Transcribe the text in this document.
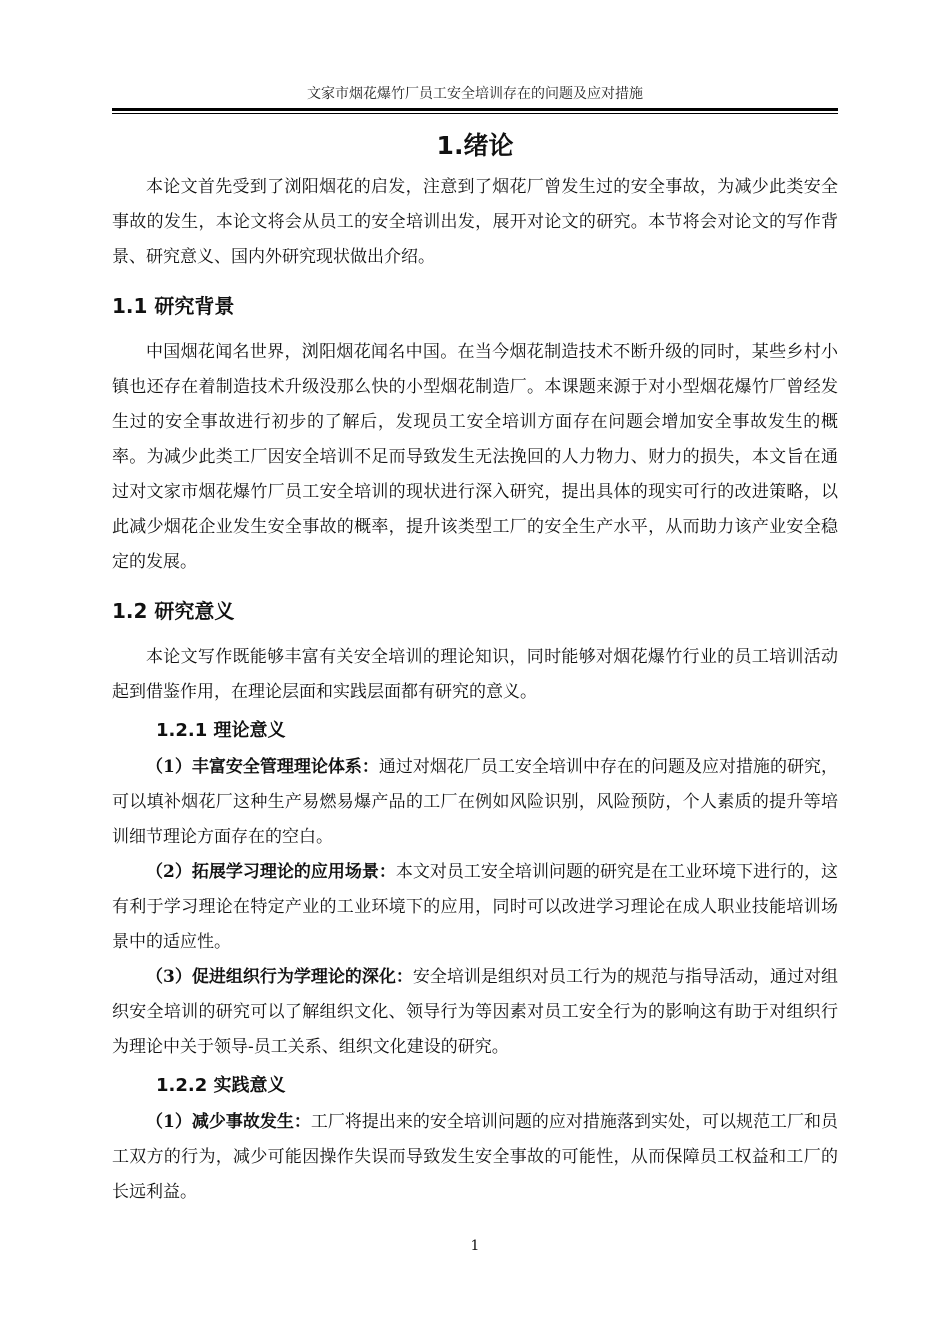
文家市烟花爆竹厂员工安全培训存在的问题及应对措施
1.绪论

本论文首先受到了浏阳烟花的启发，注意到了烟花厂曾发生过的安全事故，为减少此类安全事故的发生，本论文将会从员工的安全培训出发，展开对论文的研究。本节将会对论文的写作背景、研究意义、国内外研究现状做出介绍。

1.1 研究背景

中国烟花闻名世界，浏阳烟花闻名中国。在当今烟花制造技术不断升级的同时，某些乡村小镇也还存在着制造技术升级没那么快的小型烟花制造厂。本课题来源于对小型烟花爆竹厂曾经发生过的安全事故进行初步的了解后，发现员工安全培训方面存在问题会增加安全事故发生的概率。为减少此类工厂因安全培训不足而导致发生无法挽回的人力物力、财力的损失，本文旨在通过对文家市烟花爆竹厂员工安全培训的现状进行深入研究，提出具体的现实可行的改进策略，以此减少烟花企业发生安全事故的概率，提升该类型工厂的安全生产水平，从而助力该产业安全稳定的发展。

1.2 研究意义

本论文写作既能够丰富有关安全培训的理论知识，同时能够对烟花爆竹行业的员工培训活动起到借鉴作用，在理论层面和实践层面都有研究的意义。

1.2.1 理论意义

（1）丰富安全管理理论体系：通过对烟花厂员工安全培训中存在的问题及应对措施的研究，可以填补烟花厂这种生产易燃易爆产品的工厂在例如风险识别，风险预防，个人素质的提升等培训细节理论方面存在的空白。

（2）拓展学习理论的应用场景：本文对员工安全培训问题的研究是在工业环境下进行的，这有利于学习理论在特定产业的工业环境下的应用，同时可以改进学习理论在成人职业技能培训场景中的适应性。

（3）促进组织行为学理论的深化：安全培训是组织对员工行为的规范与指导活动，通过对组织安全培训的研究可以了解组织文化、领导行为等因素对员工安全行为的影响这有助于对组织行为理论中关于领导-员工关系、组织文化建设的研究。

1.2.2 实践意义

（1）减少事故发生：工厂将提出来的安全培训问题的应对措施落到实处，可以规范工厂和员工双方的行为，减少可能因操作失误而导致发生安全事故的可能性，从而保障员工权益和工厂的长远利益。

1
